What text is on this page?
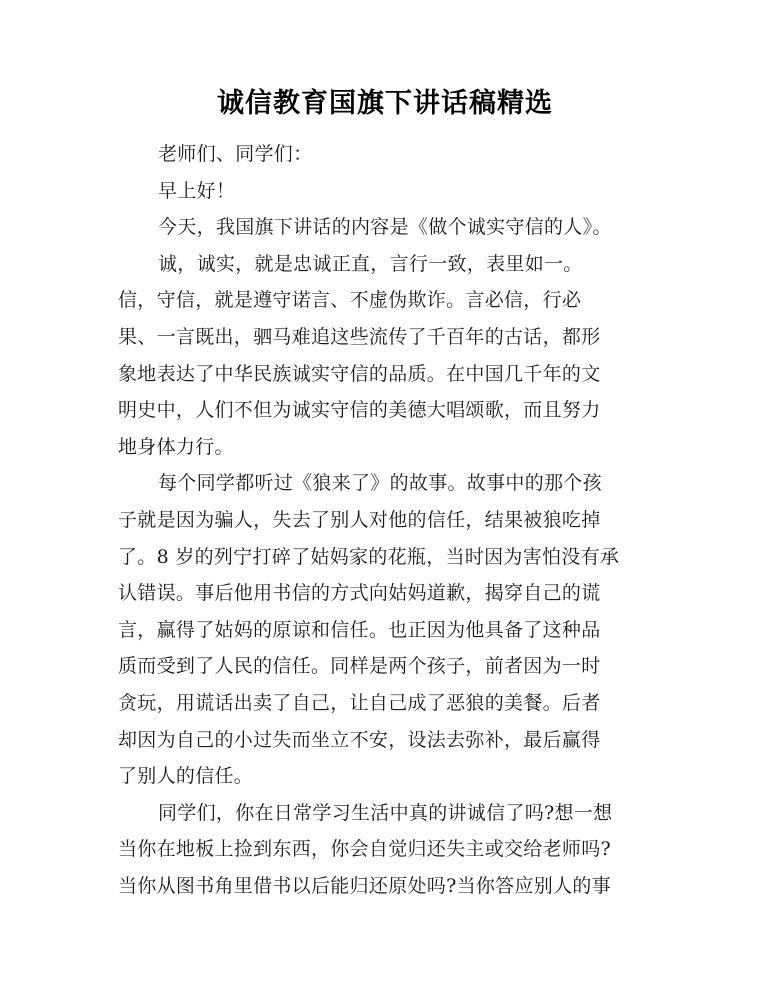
诚信教育国旗下讲话稿精选
老师们、同学们：
早上好！
今天，我国旗下讲话的内容是《做个诚实守信的人》。
诚，诚实，就是忠诚正直，言行一致，表里如一。
信，守信，就是遵守诺言、不虚伪欺诈。言必信，行必
果、一言既出，驷马难追这些流传了千百年的古话，都形
象地表达了中华民族诚实守信的品质。在中国几千年的文
明史中，人们不但为诚实守信的美德大唱颂歌，而且努力
地身体力行。
每个同学都听过《狼来了》的故事。故事中的那个孩
子就是因为骗人，失去了别人对他的信任，结果被狼吃掉
了。8 岁的列宁打碎了姑妈家的花瓶，当时因为害怕没有承
认错误。事后他用书信的方式向姑妈道歉，揭穿自己的谎
言，赢得了姑妈的原谅和信任。也正因为他具备了这种品
质而受到了人民的信任。同样是两个孩子，前者因为一时
贪玩，用谎话出卖了自己，让自己成了恶狼的美餐。后者
却因为自己的小过失而坐立不安，设法去弥补，最后赢得
了别人的信任。
同学们，你在日常学习生活中真的讲诚信了吗?想一想
当你在地板上捡到东西，你会自觉归还失主或交给老师吗?
当你从图书角里借书以后能归还原处吗?当你答应别人的事
